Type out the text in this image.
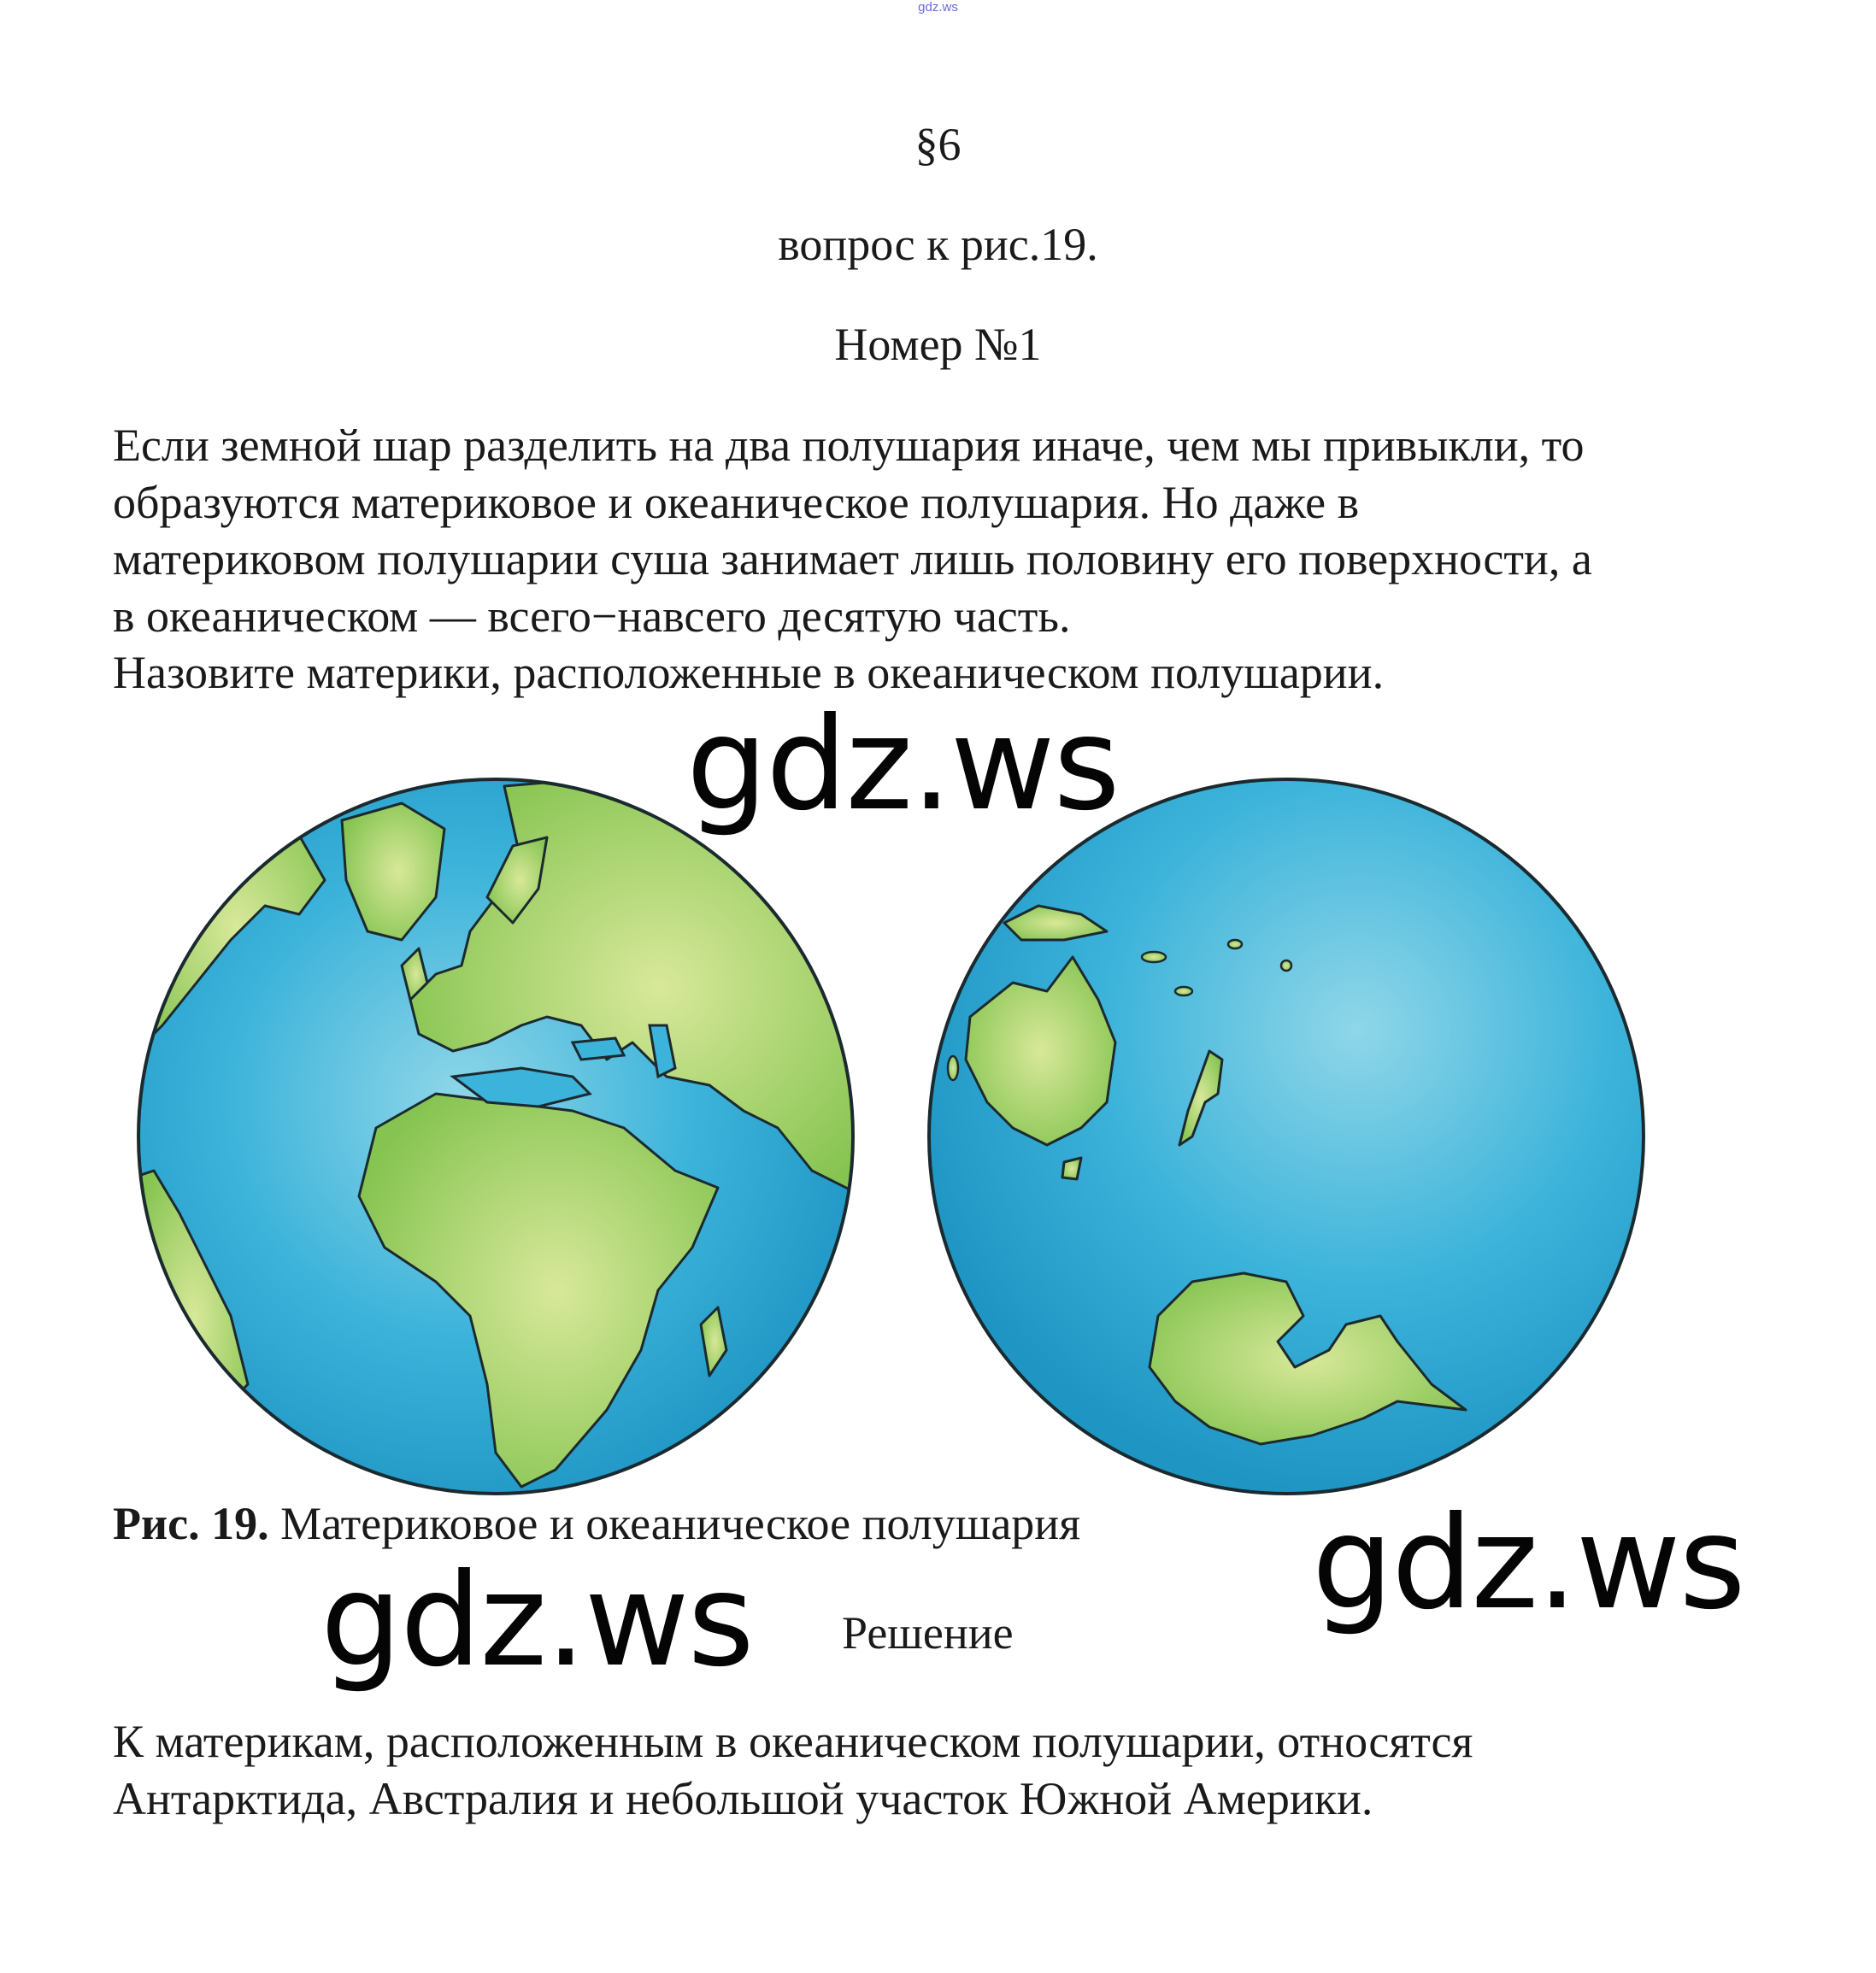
gdz.ws
§6
вопрос к рис.19.
Номер №1

Если земной шар разделить на два полушария иначе, чем мы привыкли, то

образуются материковое и океаническое полушария. Но даже в

материковом полушарии суша занимает лишь половину его поверхности, а

в океаническом — всего−навсего десятую часть.

Назовите материки, расположенные в океаническом полушарии.

gdz.ws
Рис. 19. Материковое и океаническое полушария gdz.ws
gdz.ws Решение
К материкам, расположенным в океаническом полушарии, относятся
Антарктида, Австралия и небольшой участок Южной Америки.
